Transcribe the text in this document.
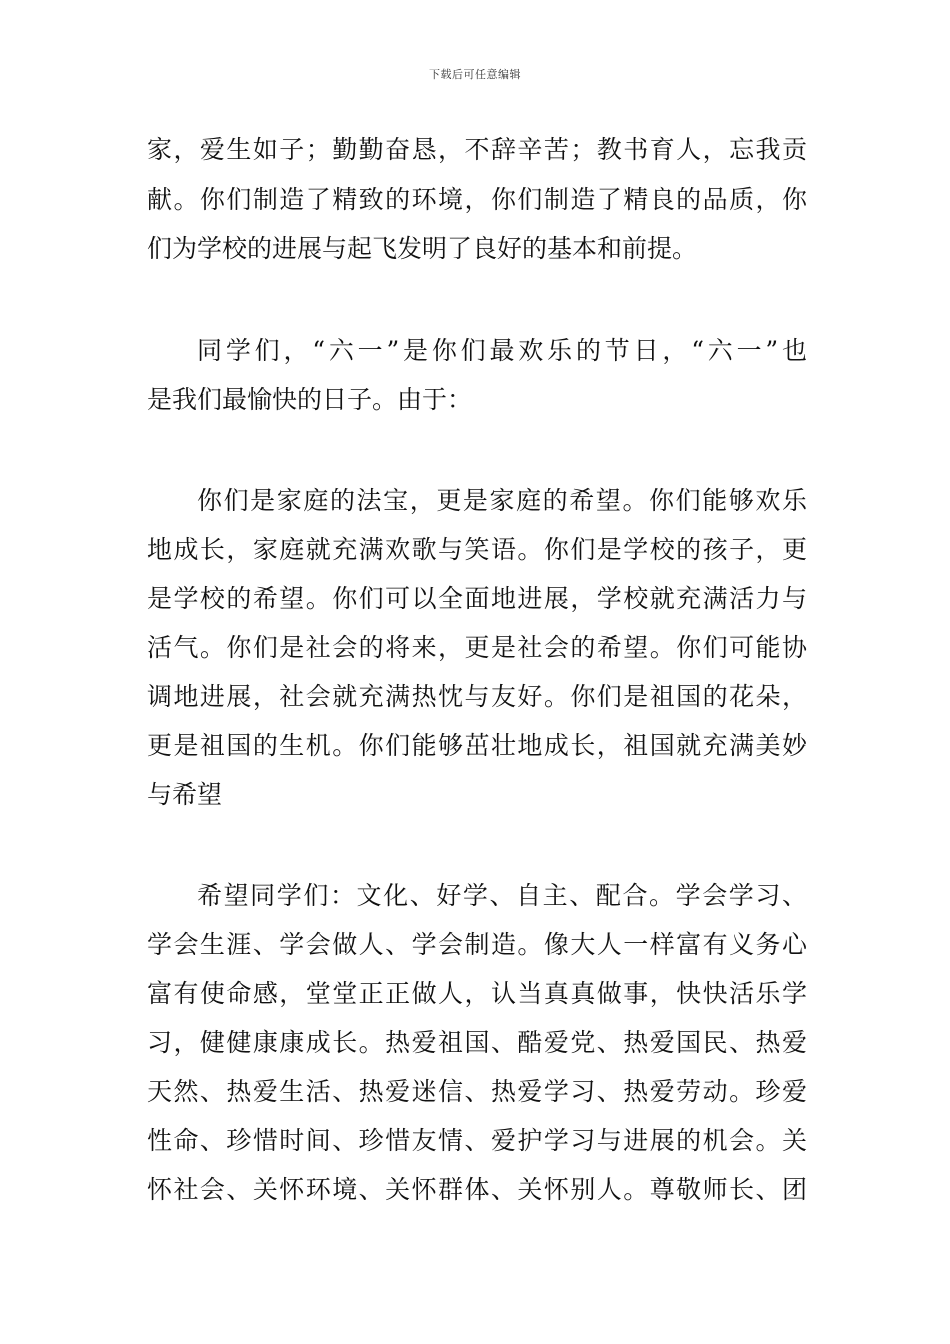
下载后可任意编辑
家，爱生如子；勤勤奋恳，不辞辛苦；教书育人，忘我贡
献。你们制造了精致的环境，你们制造了精良的品质，你
们为学校的进展与起飞发明了良好的基本和前提。
同学们，“六一”是你们最欢乐的节日，“六一”也
是我们最愉快的日子。由于：
你们是家庭的法宝，更是家庭的希望。你们能够欢乐
地成长，家庭就充满欢歌与笑语。你们是学校的孩子，更
是学校的希望。你们可以全面地进展，学校就充满活力与
活气。你们是社会的将来，更是社会的希望。你们可能协
调地进展，社会就充满热忱与友好。你们是祖国的花朵，
更是祖国的生机。你们能够茁壮地成长，祖国就充满美妙
与希望
希望同学们：文化、好学、自主、配合。学会学习、
学会生涯、学会做人、学会制造。像大人一样富有义务心
富有使命感，堂堂正正做人，认当真真做事，快快活乐学
习，健健康康成长。热爱祖国、酷爱党、热爱国民、热爱
天然、热爱生活、热爱迷信、热爱学习、热爱劳动。珍爱
性命、珍惜时间、珍惜友情、爱护学习与进展的机会。关
怀社会、关怀环境、关怀群体、关怀别人。尊敬师长、团
